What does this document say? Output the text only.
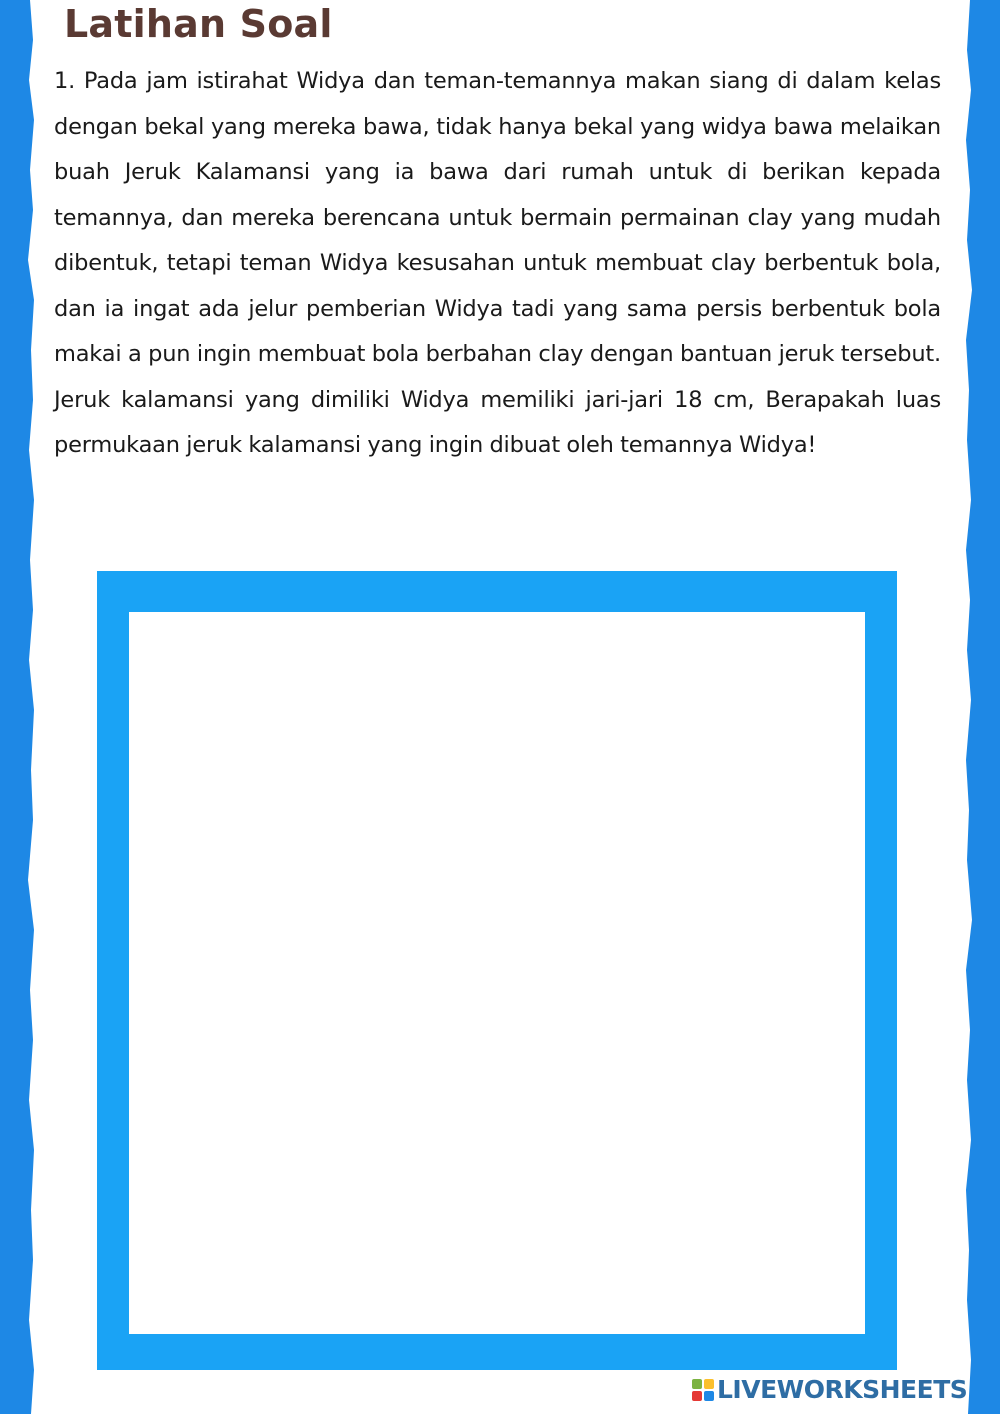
Latihan Soal

1. Pada jam istirahat Widya dan teman-temannya makan siang di dalam kelas dengan bekal yang mereka bawa, tidak hanya bekal yang widya bawa melaikan buah Jeruk Kalamansi yang ia bawa dari rumah untuk di berikan kepada temannya, dan mereka berencana untuk bermain permainan clay yang mudah dibentuk, tetapi teman Widya kesusahan untuk membuat clay berbentuk bola, dan ia ingat ada jelur pemberian Widya tadi yang sama persis berbentuk bola makai a pun ingin membuat bola berbahan clay dengan bantuan jeruk tersebut. Jeruk kalamansi yang dimiliki Widya memiliki jari-jari 18 cm, Berapakah luas permukaan jeruk kalamansi yang ingin dibuat oleh temannya Widya!

LIVEWORKSHEETS
